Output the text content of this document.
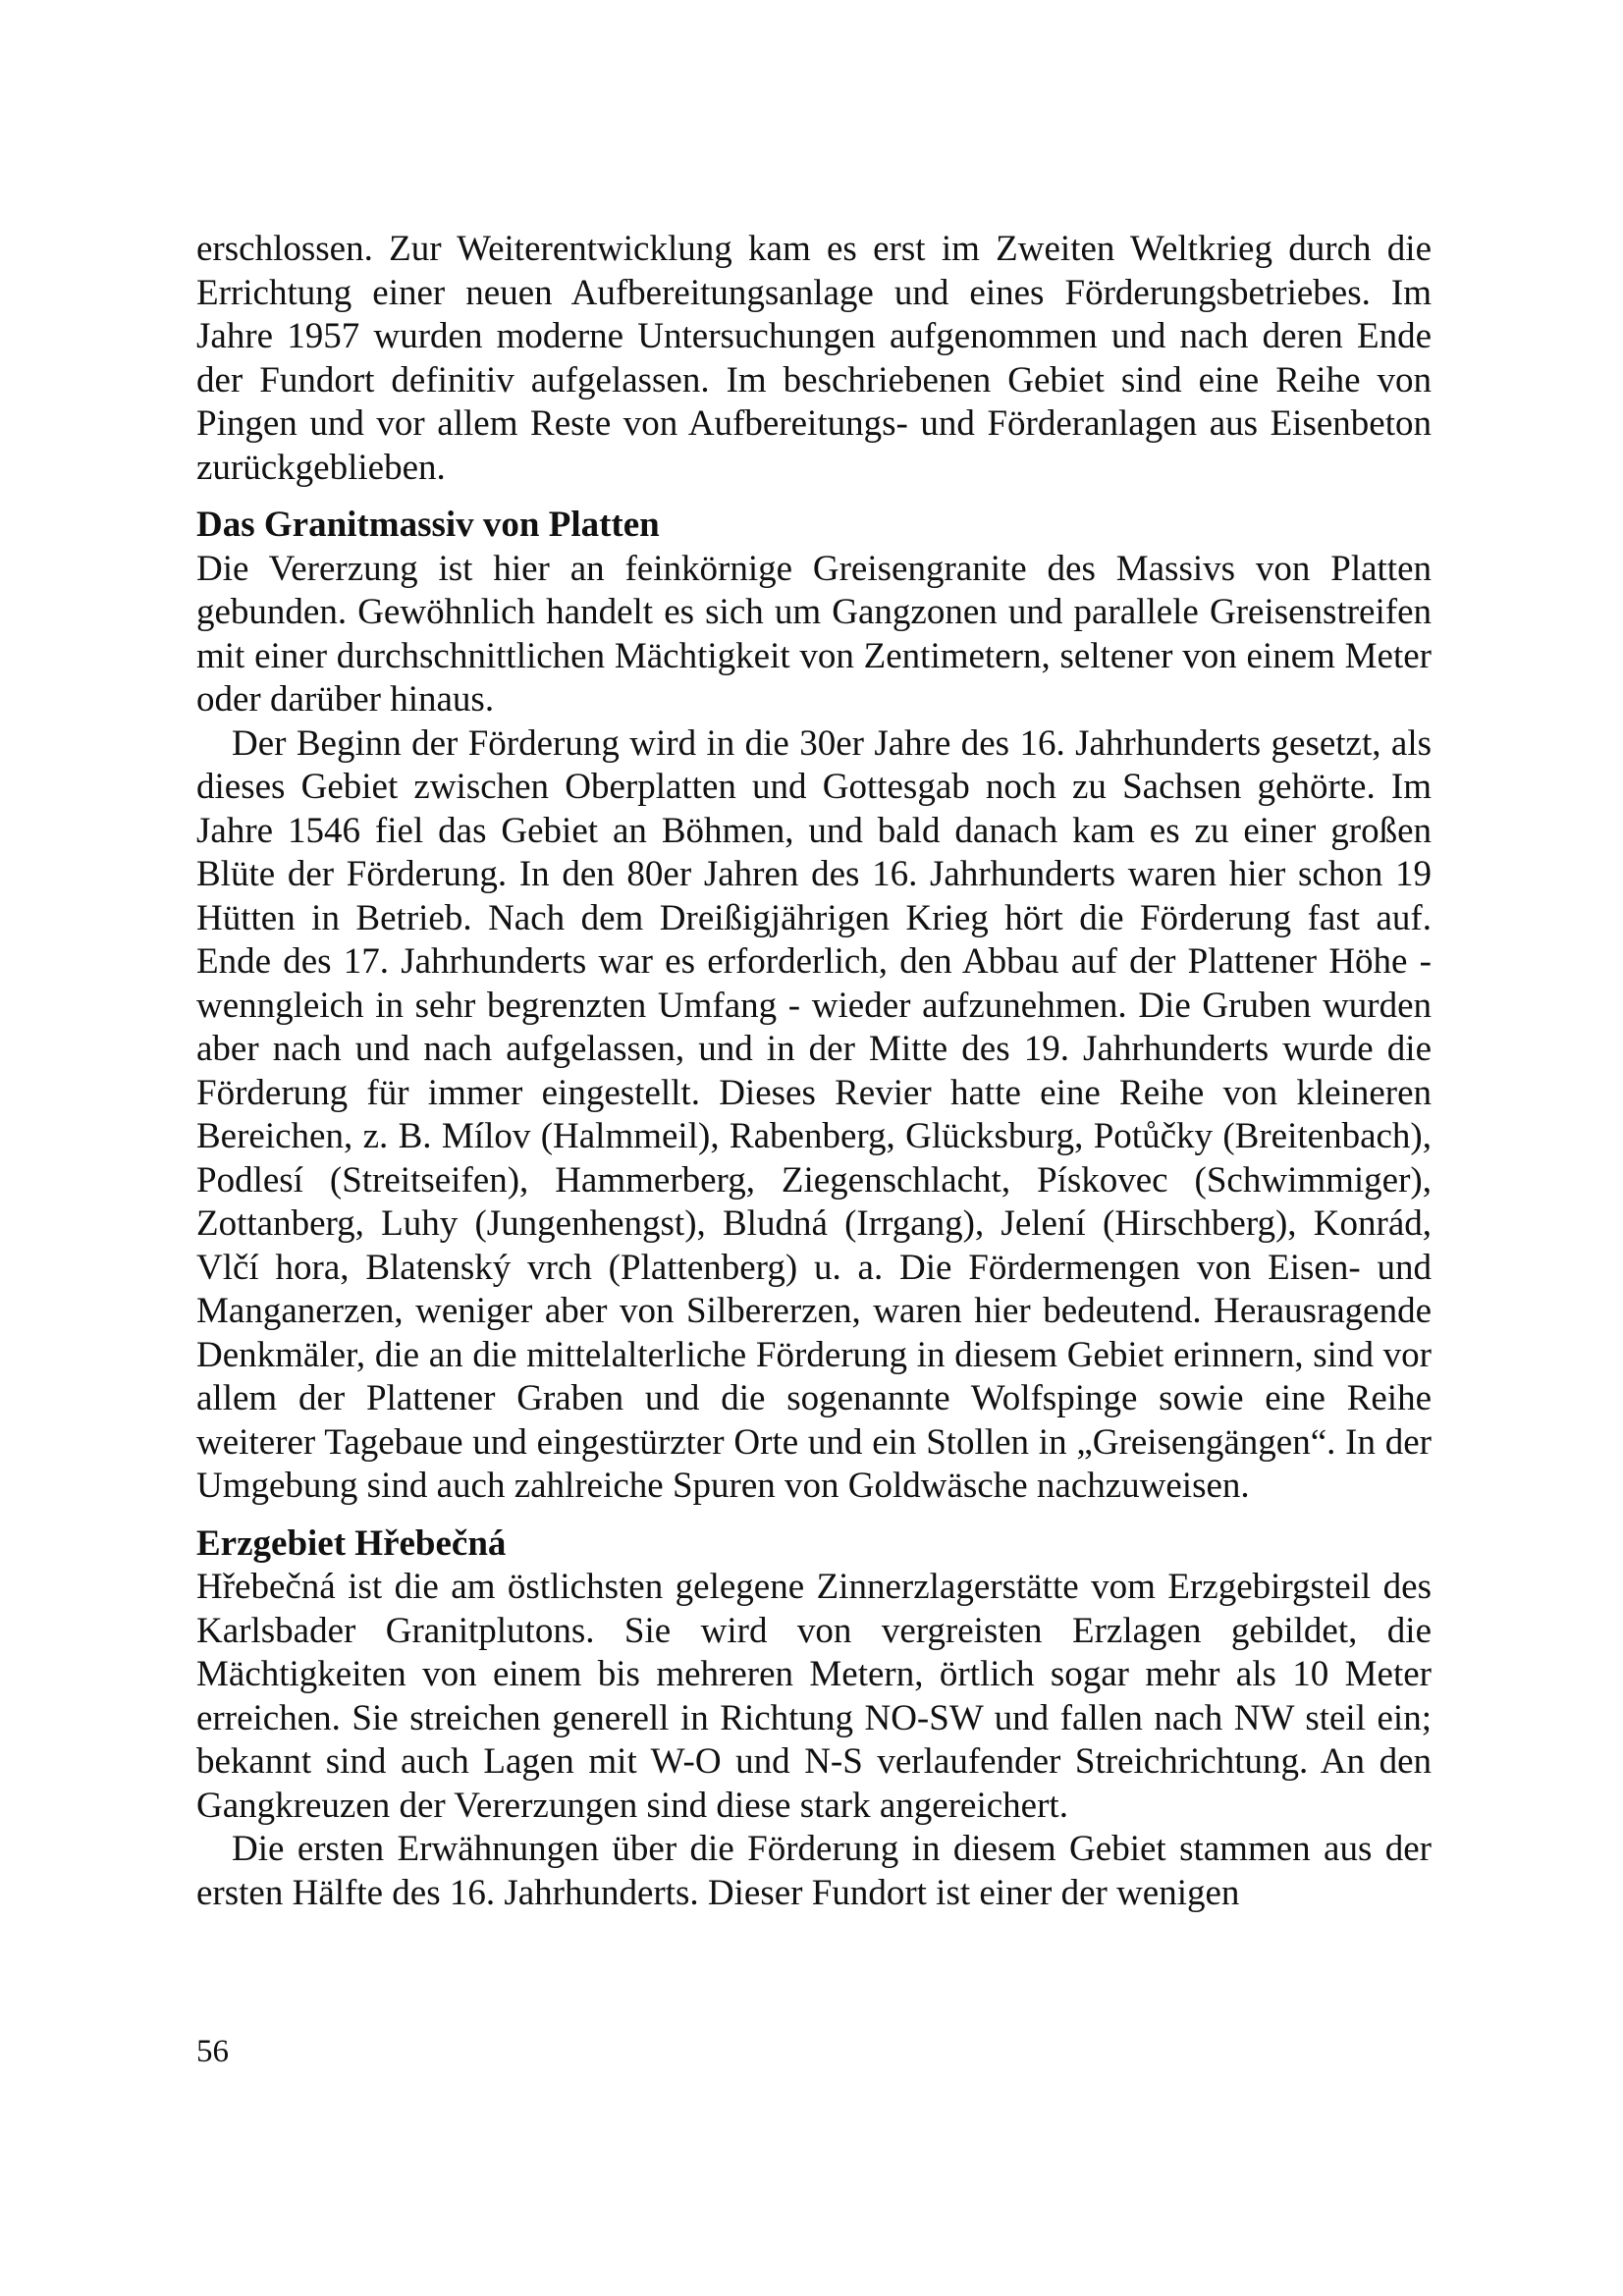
erschlossen. Zur Weiterentwicklung kam es erst im Zweiten Weltkrieg durch die Errichtung einer neuen Aufbereitungsanlage und eines Förderungsbetriebes. Im Jahre 1957 wurden moderne Untersuchungen aufgenommen und nach deren Ende der Fundort definitiv aufgelassen. Im beschriebenen Gebiet sind eine Reihe von Pingen und vor allem Reste von Aufbereitungs- und Förderanlagen aus Eisenbeton zurückgeblieben.

Das Granitmassiv von Platten

Die Vererzung ist hier an feinkörnige Greisengranite des Massivs von Platten gebunden. Gewöhnlich handelt es sich um Gangzonen und parallele Greisenstreifen mit einer durchschnittlichen Mächtigkeit von Zentimetern, seltener von einem Meter oder darüber hinaus.

Der Beginn der Förderung wird in die 30er Jahre des 16. Jahrhunderts gesetzt, als dieses Gebiet zwischen Oberplatten und Gottesgab noch zu Sachsen gehörte. Im Jahre 1546 fiel das Gebiet an Böhmen, und bald danach kam es zu einer großen Blüte der Förderung. In den 80er Jahren des 16. Jahrhunderts waren hier schon 19 Hütten in Betrieb. Nach dem Dreißigjährigen Krieg hört die Förderung fast auf. Ende des 17. Jahrhunderts war es erforderlich, den Abbau auf der Plattener Höhe - wenngleich in sehr begrenzten Umfang - wieder aufzunehmen. Die Gruben wurden aber nach und nach aufgelassen, und in der Mitte des 19. Jahrhunderts wurde die Förderung für immer eingestellt. Dieses Revier hatte eine Reihe von kleineren Bereichen, z. B. Mílov (Halmmeil), Rabenberg, Glücksburg, Potůčky (Breitenbach), Podlesí (Streitseifen), Hammerberg, Ziegenschlacht, Pískovec (Schwimmiger), Zottanberg, Luhy (Jungenhengst), Bludná (Irrgang), Jelení (Hirschberg), Konrád, Vlčí hora, Blatenský vrch (Plattenberg) u. a. Die Fördermengen von Eisen- und Manganerzen, weniger aber von Silbererzen, waren hier bedeutend. Herausragende Denkmäler, die an die mittelalterliche Förderung in diesem Gebiet erinnern, sind vor allem der Plattener Graben und die sogenannte Wolfspinge sowie eine Reihe weiterer Tagebaue und eingestürzter Orte und ein Stollen in „Greisengängen“. In der Umgebung sind auch zahlreiche Spuren von Goldwäsche nachzuweisen.

Erzgebiet Hřebečná

Hřebečná ist die am östlichsten gelegene Zinnerzlagerstätte vom Erzgebirgsteil des Karlsbader Granitplutons. Sie wird von vergreisten Erzlagen gebildet, die Mächtigkeiten von einem bis mehreren Metern, örtlich sogar mehr als 10 Meter erreichen. Sie streichen generell in Richtung NO-SW und fallen nach NW steil ein; bekannt sind auch Lagen mit W-O und N-S verlaufender Streichrichtung. An den Gangkreuzen der Vererzungen sind diese stark angereichert.

Die ersten Erwähnungen über die Förderung in diesem Gebiet stammen aus der ersten Hälfte des 16. Jahrhunderts. Dieser Fundort ist einer der wenigen

56
